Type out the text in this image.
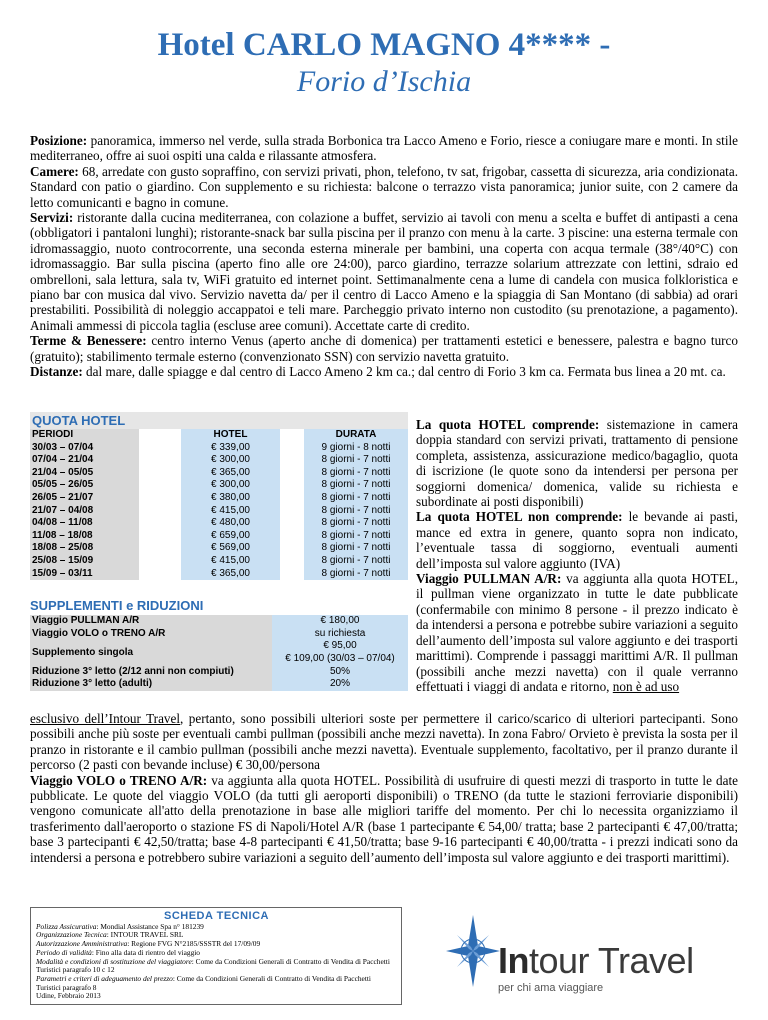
Hotel CARLO MAGNO 4**** -
Forio d’Ischia

Posizione: panoramica, immerso nel verde, sulla strada Borbonica tra Lacco Ameno e Forio, riesce a coniugare mare e monti. In stile mediterraneo, offre ai suoi ospiti una calda e rilassante atmosfera.

Camere: 68, arredate con gusto sopraffino, con servizi privati, phon, telefono, tv sat, frigobar, cassetta di sicurezza, aria condizionata. Standard con patio o giardino. Con supplemento e su richiesta: balcone o terrazzo vista panoramica; junior suite, con 2 camere da letto comunicanti e bagno in comune.

Servizi: ristorante dalla cucina mediterranea, con colazione a buffet, servizio ai tavoli con menu a scelta e buffet di antipasti a cena (obbligatori i pantaloni lunghi); ristorante-snack bar sulla piscina per il pranzo con menu à la carte. 3 piscine: una esterna termale con idromassaggio, nuoto controcorrente, una seconda esterna minerale per bambini, una coperta con acqua termale (38°/40°C) con idromassaggio. Bar sulla piscina (aperto fino alle ore 24:00), parco giardino, terrazze solarium attrezzate con lettini, sdraio ed ombrelloni, sala lettura, sala tv, WiFi gratuito ed internet point. Settimanalmente cena a lume di candela con musica folkloristica e piano bar con musica dal vivo. Servizio navetta da/ per il centro di Lacco Ameno e la spiaggia di San Montano (di sabbia) ad orari prestabiliti. Possibilità di noleggio accappatoi e teli mare. Parcheggio privato interno non custodito (su prenotazione, a pagamento). Animali ammessi di piccola taglia (escluse aree comuni). Accettate carte di credito.

Terme & Benessere: centro interno Venus (aperto anche di domenica) per trattamenti estetici e benessere, palestra e bagno turco (gratuito); stabilimento termale esterno (convenzionato SSN) con servizio navetta gratuito.

Distanze: dal mare, dalle spiagge e dal centro di Lacco Ameno 2 km ca.; dal centro di Forio 3 km ca. Fermata bus linea a 20 mt. ca.

QUOTA HOTEL
PERIODI		HOTEL		DURATA
30/03 – 07/04		€ 339,00		9 giorni - 8 notti
07/04 – 21/04		€ 300,00		8 giorni - 7 notti
21/04 – 05/05		€ 365,00		8 giorni - 7 notti
05/05 – 26/05		€ 300,00		8 giorni - 7 notti
26/05 – 21/07		€ 380,00		8 giorni - 7 notti
21/07 – 04/08		€ 415,00		8 giorni - 7 notti
04/08 – 11/08		€ 480,00		8 giorni - 7 notti
11/08 – 18/08		€ 659,00		8 giorni - 7 notti
18/08 – 25/08		€ 569,00		8 giorni - 7 notti
25/08 – 15/09		€ 415,00		8 giorni - 7 notti
15/09 – 03/11		€ 365,00		8 giorni - 7 notti
SUPPLEMENTI e RIDUZIONI
Viaggio PULLMAN A/R	€ 180,00
Viaggio VOLO o TRENO A/R	su richiesta
Supplemento singola	€ 95,00
€ 109,00 (30/03 – 07/04)
Riduzione 3° letto (2/12 anni non compiuti)	50%
Riduzione 3° letto (adulti)	20%

La quota HOTEL comprende: sistemazione in camera doppia standard con servizi privati, trattamento di pensione completa, assistenza, assicurazione medico/bagaglio, quota di iscrizione (le quote sono da intendersi per persona per soggiorni domenica/ domenica, valide su richiesta e subordinate ai posti disponibili)

La quota HOTEL non comprende: le bevande ai pasti, mance ed extra in genere, quanto sopra non indicato, l’eventuale tassa di soggiorno, eventuali aumenti dell’imposta sul valore aggiunto (IVA)

Viaggio PULLMAN A/R: va aggiunta alla quota HOTEL, il pullman viene organizzato in tutte le date pubblicate (confermabile con minimo 8 persone - il prezzo indicato è da intendersi a persona e potrebbe subire variazioni a seguito dell’aumento dell’imposta sul valore aggiunto e dei trasporti marittimi). Comprende i passaggi marittimi A/R. Il pullman (possibili anche mezzi navetta) con il quale verranno effettuati i viaggi di andata e ritorno, non è ad uso

esclusivo dell’Intour Travel, pertanto, sono possibili ulteriori soste per permettere il carico/scarico di ulteriori partecipanti. Sono possibili anche più soste per eventuali cambi pullman (possibili anche mezzi navetta). In zona Fabro/ Orvieto è prevista la sosta per il pranzo in ristorante e il cambio pullman (possibili anche mezzi navetta). Eventuale supplemento, facoltativo, per il pranzo durante il percorso (2 pasti con bevande incluse) € 30,00/persona

Viaggio VOLO o TRENO A/R: va aggiunta alla quota HOTEL. Possibilità di usufruire di questi mezzi di trasporto in tutte le date pubblicate. Le quote del viaggio VOLO (da tutti gli aeroporti disponibili) o TRENO (da tutte le stazioni ferroviarie disponibili) vengono comunicate all'atto della prenotazione in base alle migliori tariffe del momento. Per chi lo necessita organizziamo il trasferimento dall'aeroporto o stazione FS di Napoli/Hotel A/R (base 1 partecipante € 54,00/ tratta; base 2 partecipanti € 47,00/tratta; base 3 partecipanti € 42,50/tratta; base 4-8 partecipanti € 41,50/tratta; base 9-16 partecipanti € 40,00/tratta - i prezzi indicati sono da intendersi a persona e potrebbero subire variazioni a seguito dell’aumento dell’imposta sul valore aggiunto e dei trasporti marittimi).

SCHEDA TECNICA
Polizza Assicurativa: Mondial Assistance Spa n° 181239
Organizzazione Tecnica: INTOUR TRAVEL SRL
Autorizzazione Amministrativa: Regione FVG N°2185/SSSTR del 17/09/09
Periodo di validità: Fino alla data di rientro del viaggio
Modalità e condizioni di sostituzione del viaggiatore: Come da Condizioni Generali di Contratto di Vendita di Pacchetti Turistici paragrafo 10 c 12
Parametri e criteri di adeguamento del prezzo: Come da Condizioni Generali di Contratto di Vendita di Pacchetti Turistici paragrafo 8
Udine, Febbraio 2013
Intour Travel
per chi ama viaggiare
